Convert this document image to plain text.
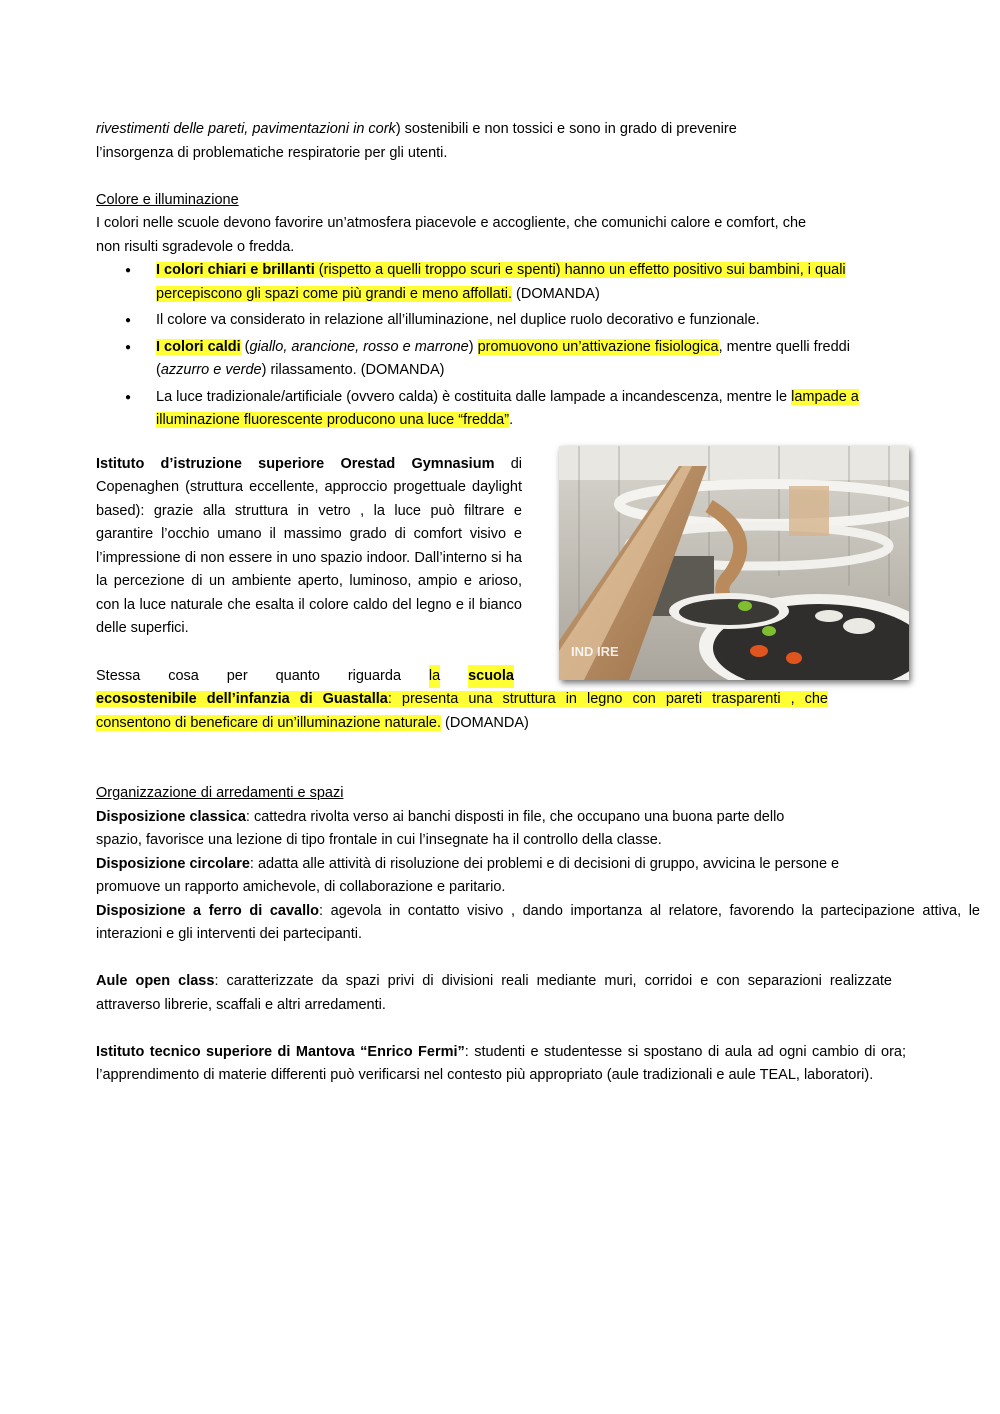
rivestimenti delle pareti, pavimentazioni in cork) sostenibili e non tossici e sono in grado di prevenire
l’insorgenza di problematiche respiratorie per gli utenti.

Colore e illuminazione

I colori nelle scuole devono favorire un’atmosfera piacevole e accogliente, che comunichi calore e comfort, che non risulti sgradevole o fredda.

● I colori chiari e brillanti (rispetto a quelli troppo scuri e spenti) hanno un effetto positivo sui bambini, i quali percepiscono gli spazi come più grandi e meno affollati. (DOMANDA)
● Il colore va considerato in relazione all’illuminazione, nel duplice ruolo decorativo e funzionale.
● I colori caldi (giallo, arancione, rosso e marrone) promuovono un’attivazione fisiologica, mentre quelli freddi (azzurro e verde) rilassamento. (DOMANDA)
● La luce tradizionale/artificiale (ovvero calda) è costituita dalle lampade a incandescenza, mentre le lampade a illuminazione fluorescente producono una luce “fredda”.

Istituto d’istruzione superiore Orestad Gymnasium di Copenaghen (struttura eccellente, approccio progettuale daylight based): grazie alla struttura in vetro , la luce può filtrare e garantire l’occhio umano il massimo grado di comfort visivo e l’impressione di non essere in uno spazio indoor. Dall’interno si ha la percezione di un ambiente aperto, luminoso, ampio e arioso, con la luce naturale che esalta il colore caldo del legno e il bianco delle superfici.

IND IRE

Stessa cosa per quanto riguarda la scuola

ecosostenibile dell’infanzia di Guastalla: presenta una struttura in legno con pareti trasparenti , che consentono di beneficare di un’illuminazione naturale. (DOMANDA)

Organizzazione di arredamenti e spazi

Disposizione classica: cattedra rivolta verso ai banchi disposti in file, che occupano una buona parte dello
spazio, favorisce una lezione di tipo frontale in cui l’insegnate ha il controllo della classe.

Disposizione circolare: adatta alle attività di risoluzione dei problemi e di decisioni di gruppo, avvicina le persone e
promuove un rapporto amichevole, di collaborazione e paritario.

Disposizione a ferro di cavallo: agevola in contatto visivo , dando importanza al relatore, favorendo la partecipazione attiva, le interazioni e gli interventi dei partecipanti.

Aule open class: caratterizzate da spazi privi di divisioni reali mediante muri, corridoi e con separazioni realizzate attraverso librerie, scaffali e altri arredamenti.

Istituto tecnico superiore di Mantova “Enrico Fermi”: studenti e studentesse si spostano di aula ad ogni cambio di ora; l’apprendimento di materie differenti può verificarsi nel contesto più appropriato (aule tradizionali e aule TEAL, laboratori).
